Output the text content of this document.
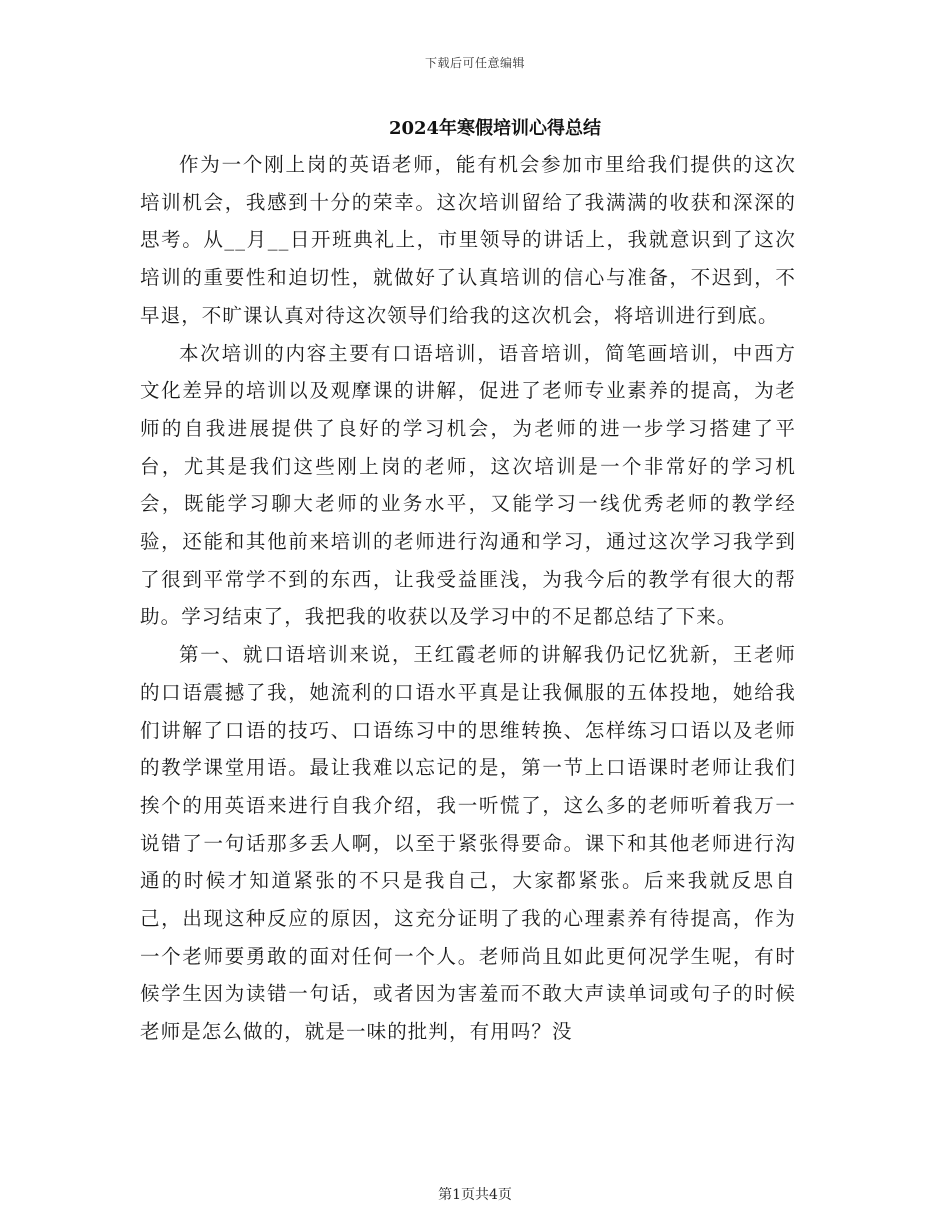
下载后可任意编辑
2024年寒假培训心得总结

作为一个刚上岗的英语老师，能有机会参加市里给我们提供的这次培训机会，我感到十分的荣幸。这次培训留给了我满满的收获和深深的思考。从__月__日开班典礼上，市里领导的讲话上，我就意识到了这次培训的重要性和迫切性，就做好了认真培训的信心与准备，不迟到，不早退，不旷课认真对待这次领导们给我的这次机会，将培训进行到底。

本次培训的内容主要有口语培训，语音培训，简笔画培训，中西方文化差异的培训以及观摩课的讲解，促进了老师专业素养的提高，为老师的自我进展提供了良好的学习机会，为老师的进一步学习搭建了平台，尤其是我们这些刚上岗的老师，这次培训是一个非常好的学习机会，既能学习聊大老师的业务水平，又能学习一线优秀老师的教学经验，还能和其他前来培训的老师进行沟通和学习，通过这次学习我学到了很到平常学不到的东西，让我受益匪浅，为我今后的教学有很大的帮助。学习结束了，我把我的收获以及学习中的不足都总结了下来。

第一、就口语培训来说，王红霞老师的讲解我仍记忆犹新，王老师的口语震撼了我，她流利的口语水平真是让我佩服的五体投地，她给我们讲解了口语的技巧、口语练习中的思维转换、怎样练习口语以及老师的教学课堂用语。最让我难以忘记的是，第一节上口语课时老师让我们挨个的用英语来进行自我介绍，我一听慌了，这么多的老师听着我万一说错了一句话那多丢人啊，以至于紧张得要命。课下和其他老师进行沟通的时候才知道紧张的不只是我自己，大家都紧张。后来我就反思自己，出现这种反应的原因，这充分证明了我的心理素养有待提高，作为一个老师要勇敢的面对任何一个人。老师尚且如此更何况学生呢，有时候学生因为读错一句话，或者因为害羞而不敢大声读单词或句子的时候老师是怎么做的，就是一味的批判，有用吗？没

第1页共4页
